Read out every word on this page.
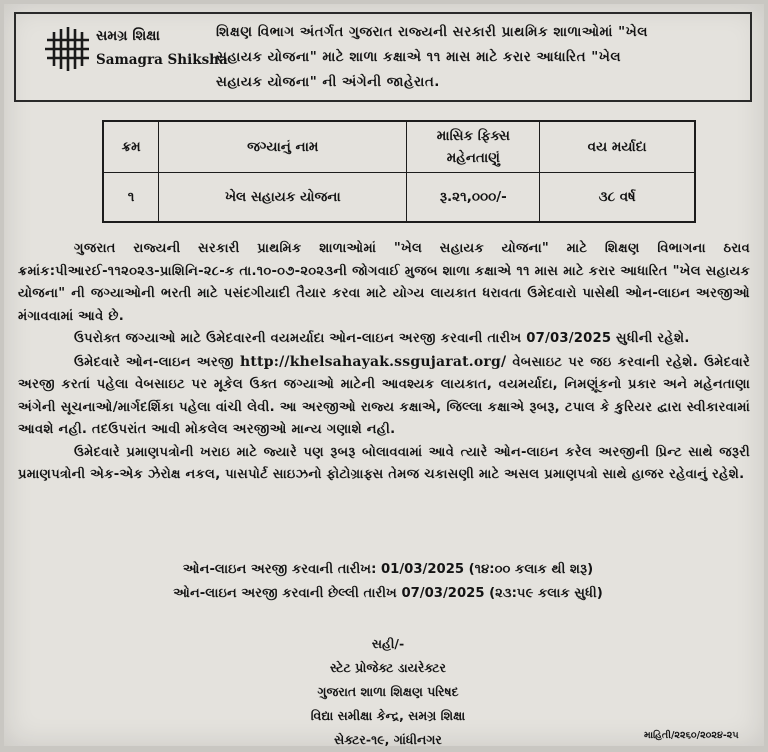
સમગ્ર શિક્ષા
Samagra Shiksha
શિક્ષણ વિભાગ અંતર્ગત ગુજરાત રાજ્યની સરકારી પ્રાથમિક શાળાઓમાં "ખેલ
સહાયક યોજના" માટે શાળા કક્ષાએ ૧૧ માસ માટે કરાર આધારિત "ખેલ
સહાયક યોજના" ની અંગેની જાહેરાત.
ક્રમ	જગ્યાનું નામ	માસિક ફિક્સ
મહેનતાણું	વય મર્યાદા
૧	ખેલ સહાયક યોજના	રૂ.૨૧,૦૦૦/-	૩૮ વર્ષ

ગુજરાત રાજ્યની સરકારી પ્રાથમિક શાળાઓમાં "ખેલ સહાયક યોજના" માટે શિક્ષણ વિભાગના ઠરાવ ક્રમાંક:પીઆરઈ-૧૧૨૦૨૩-પ્રાશિનિ-૨૮-ક તા.૧૦-૦૭-૨૦૨૩ની જોગવાઈ મુજબ શાળા કક્ષાએ ૧૧ માસ માટે કરાર આધારિત "ખેલ સહાયક યોજના" ની જગ્યાઓની ભરતી માટે પસંદગીયાદી તૈયાર કરવા માટે યોગ્ય લાયકાત ધરાવતા ઉમેદવારો પાસેથી ઓન-લાઇન અરજીઓ મંગાવવામાં આવે છે.

ઉપરોક્ત જગ્યાઓ માટે ઉમેદવારની વયમર્યાદા ઓન-લાઇન અરજી કરવાની તારીખ 07/03/2025 સુધીની રહેશે.

ઉમેદવારે ઓન-લાઇન અરજી http://khelsahayak.ssgujarat.org/ વેબસાઇટ પર જઇ કરવાની રહેશે. ઉમેદવારે અરજી કરતાં પહેલા વેબસાઇટ પર મૂકેલ ઉક્ત જગ્યાઓ માટેની આવશ્યક લાયકાત, વયમર્યાદા, નિમણૂંકનો પ્રકાર અને મહેનતાણા અંગેની સૂચનાઓ/માર્ગદર્શિકા પહેલા વાંચી લેવી. આ અરજીઓ રાજ્ય કક્ષાએ, જિલ્લા કક્ષાએ રૂબરૂ, ટપાલ કે કુરિયર દ્વારા સ્વીકારવામાં આવશે નહી. તદઉપરાંત આવી મોકલેલ અરજીઓ માન્ય ગણાશે નહી.

ઉમેદવારે પ્રમાણપત્રોની ખરાઇ માટે જ્યારે પણ રૂબરૂ બોલાવવામાં આવે ત્યારે ઓન-લાઇન કરેલ અરજીની પ્રિન્ટ સાથે જરૂરી પ્રમાણપત્રોની એક-એક ઝેરોક્ષ નકલ, પાસપોર્ટ સાઇઝનો ફોટોગ્રાફ્સ તેમજ ચકાસણી માટે અસલ પ્રમાણપત્રો સાથે હાજર રહેવાનું રહેશે.

ઓન-લાઇન અરજી કરવાની તારીખ: 01/03/2025 (૧૪:૦૦ કલાક થી શરૂ)
ઓન-લાઇન અરજી કરવાની છેલ્લી તારીખ 07/03/2025 (૨૩:૫૯ કલાક સુધી)
સહી/-
સ્ટેટ પ્રોજેક્ટ ડાયરેક્ટર
ગુજરાત શાળા શિક્ષણ પરિષદ
વિદ્યા સમીક્ષા કેન્દ્ર, સમગ્ર શિક્ષા
સેક્ટર-૧૯, ગાંધીનગર	માહિતી/૨૨૬૦/૨૦૨૪-૨૫
